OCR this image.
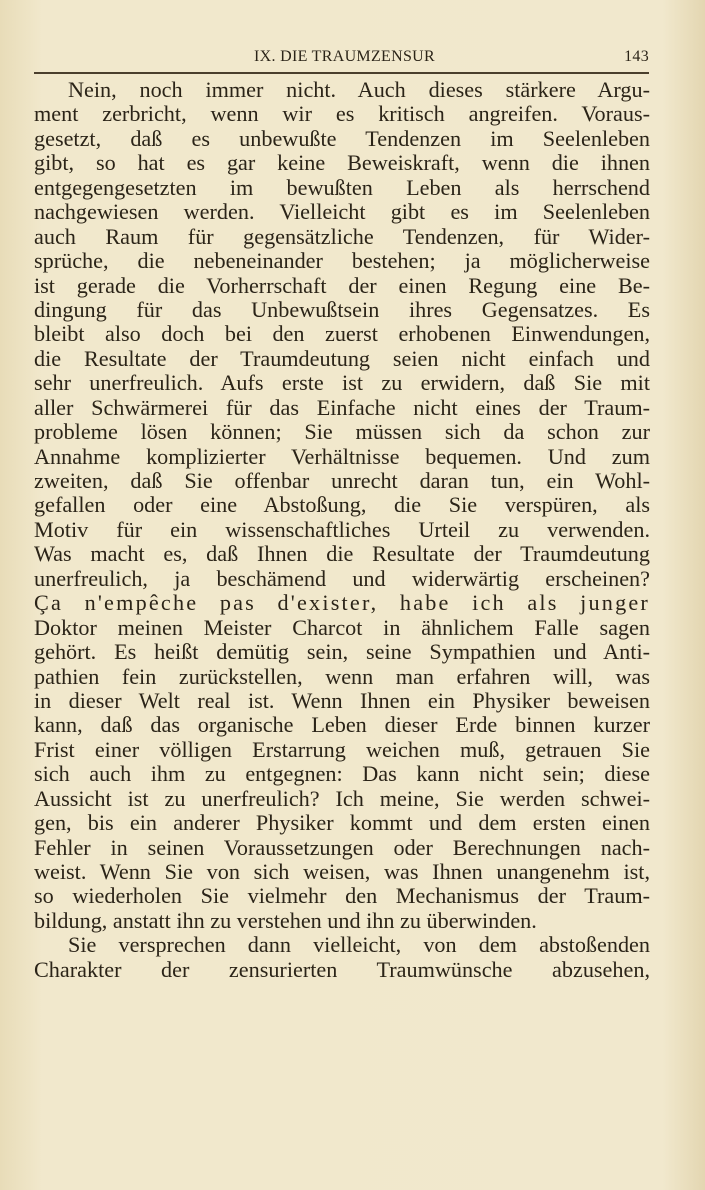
IX. DIE TRAUMZENSUR	143
Nein, noch immer nicht. Auch dieses stärkere Argu-
ment zerbricht, wenn wir es kritisch angreifen. Voraus-
gesetzt, daß es unbewußte Tendenzen im Seelenleben
gibt, so hat es gar keine Beweiskraft, wenn die ihnen
entgegengesetzten im bewußten Leben als herrschend
nachgewiesen werden. Vielleicht gibt es im Seelenleben
auch Raum für gegensätzliche Tendenzen, für Wider-
sprüche, die nebeneinander bestehen; ja möglicherweise
ist gerade die Vorherrschaft der einen Regung eine Be-
dingung für das Unbewußtsein ihres Gegensatzes. Es
bleibt also doch bei den zuerst erhobenen Einwendungen,
die Resultate der Traumdeutung seien nicht einfach und
sehr unerfreulich. Aufs erste ist zu erwidern, daß Sie mit
aller Schwärmerei für das Einfache nicht eines der Traum-
probleme lösen können; Sie müssen sich da schon zur
Annahme komplizierter Verhältnisse bequemen. Und zum
zweiten, daß Sie offenbar unrecht daran tun, ein Wohl-
gefallen oder eine Abstoßung, die Sie verspüren, als
Motiv für ein wissenschaftliches Urteil zu verwenden.
Was macht es, daß Ihnen die Resultate der Traumdeutung
unerfreulich, ja beschämend und widerwärtig erscheinen?
Ça n'empêche pas d'exister, habe ich als junger
Doktor meinen Meister Charcot in ähnlichem Falle sagen
gehört. Es heißt demütig sein, seine Sympathien und Anti-
pathien fein zurückstellen, wenn man erfahren will, was
in dieser Welt real ist. Wenn Ihnen ein Physiker beweisen
kann, daß das organische Leben dieser Erde binnen kurzer
Frist einer völligen Erstarrung weichen muß, getrauen Sie
sich auch ihm zu entgegnen: Das kann nicht sein; diese
Aussicht ist zu unerfreulich? Ich meine, Sie werden schwei-
gen, bis ein anderer Physiker kommt und dem ersten einen
Fehler in seinen Voraussetzungen oder Berechnungen nach-
weist. Wenn Sie von sich weisen, was Ihnen unangenehm ist,
so wiederholen Sie vielmehr den Mechanismus der Traum-
bildung, anstatt ihn zu verstehen und ihn zu überwinden.
Sie versprechen dann vielleicht, von dem abstoßenden
Charakter der zensurierten Traumwünsche abzusehen,
